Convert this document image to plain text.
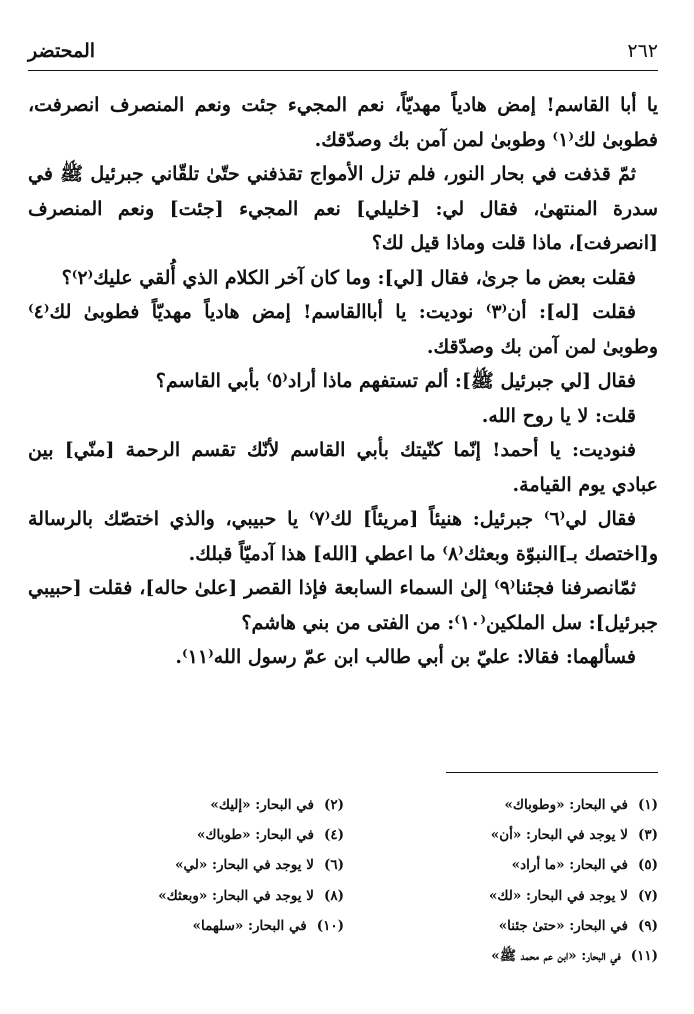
٢٦٢
المحتضر

يا أبا القاسم! إمض هادياً مهديّاً، نعم المجيء جئت ونعم المنصرف انصرفت، فطوبىٰ لك⁽١⁾ وطوبىٰ لمن آمن بك وصدّقك.

ثمّ قذفت في بحار النور، فلم تزل الأمواج تقذفني حتّىٰ تلقّاني جبرئيل ﷺ في سدرة المنتهىٰ، فقال لي: [خليلي] نعم المجيء [جئت] ونعم المنصرف [انصرفت]، ماذا قلت وماذا قيل لك؟

فقلت بعض ما جرىٰ، فقال [لي]: وما كان آخر الكلام الذي أُلقي عليك⁽٢⁾؟

فقلت [له]: أن⁽٣⁾ نوديت: يا أباالقاسم! إمض هادياً مهديّاً فطوبىٰ لك⁽٤⁾ وطوبىٰ لمن آمن بك وصدّقك.

فقال [لي جبرئيل ﷺ]: ألم تستفهم ماذا أراد⁽٥⁾ بأبي القاسم؟

قلت: لا يا روح الله.

فنوديت: يا أحمد! إنّما كنّيتك بأبي القاسم لأنّك تقسم الرحمة [منّي] بين عبادي يوم القيامة.

فقال لي⁽٦⁾ جبرئيل: هنيئاً [مريئاً] لك⁽٧⁾ يا حبيبي، والذي اختصّك بالرسالة و[اختصك بـ]النبوّة وبعثك⁽٨⁾ ما اعطي [الله] هذا آدميّاً قبلك.

ثمّانصرفنا فجئنا⁽٩⁾ إلىٰ السماء السابعة فإذا القصر [علىٰ حاله]، فقلت [حبيبي جبرئيل]: سل الملكين⁽١٠⁾: من الفتى من بني هاشم؟

فسألهما: فقالا: عليّ بن أبي طالب ابن عمّ رسول الله⁽١١⁾.

(١)في البحار: «وطوباك»
(٢)في البحار: «إليك»
(٣)لا يوجد في البحار: «أن»
(٤)في البحار: «طوباك»
(٥)في البحار: «ما أراد»
(٦)لا يوجد في البحار: «لي»
(٧)لا يوجد في البحار: «لك»
(٨)لا يوجد في البحار: «وبعثك»
(٩)في البحار: «حتىٰ جئنا»
(١٠)في البحار: «سلهما»
(١١)في البحار: «ابن عم محمد ﷺ»
